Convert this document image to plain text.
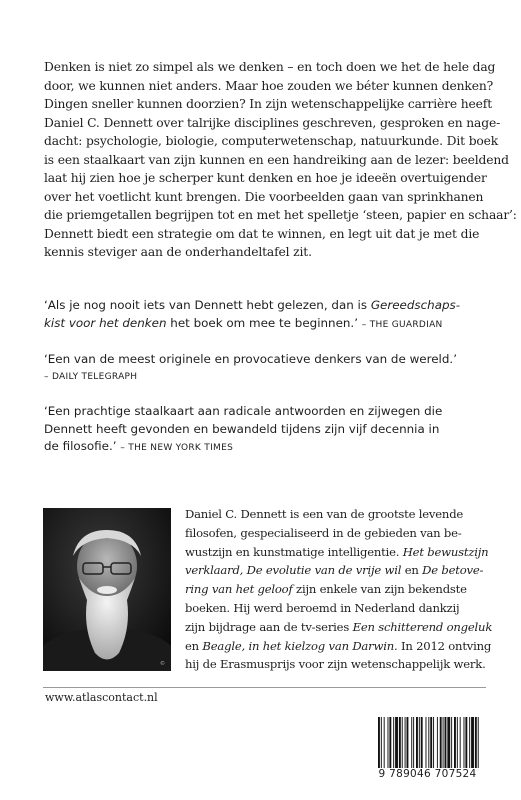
Denken is niet zo simpel als we denken – en toch doen we het de hele dag
door, we kunnen niet anders. Maar hoe zouden we béter kunnen denken?
Dingen sneller kunnen doorzien? In zijn wetenschappelijke carrière heeft
Daniel C. Dennett over talrijke disciplines geschreven, gesproken en nage-
dacht: psychologie, biologie, computerwetenschap, natuurkunde. Dit boek
is een staalkaart van zijn kunnen en een handreiking aan de lezer: beeldend
laat hij zien hoe je scherper kunt denken en hoe je ideeën overtuigender
over het voetlicht kunt brengen. Die voorbeelden gaan van sprinkhanen
die priemgetallen begrijpen tot en met het spelletje ‘steen, papier en schaar’:
Dennett biedt een strategie om dat te winnen, en legt uit dat je met die
kennis steviger aan de onderhandeltafel zit.
‘Als je nog nooit iets van Dennett hebt gelezen, dan is Gereedschaps-
kist voor het denken het boek om mee te beginnen.’ – THE GUARDIAN
‘Een van de meest originele en provocatieve denkers van de wereld.’
– DAILY TELEGRAPH
‘Een prachtige staalkaart aan radicale antwoorden en zijwegen die
Dennett heeft gevonden en bewandeld tijdens zijn vijf decennia in
de filosofie.’ – THE NEW YORK TIMES
©
Daniel C. Dennett is een van de grootste levende
filosofen, gespecialiseerd in de gebieden van be-
wustzijn en kunstmatige intelligentie. Het bewustzijn
verklaard, De evolutie van de vrije wil en De betove-
ring van het geloof zijn enkele van zijn bekendste
boeken. Hij werd beroemd in Nederland dankzij
zijn bijdrage aan de tv-series Een schitterend ongeluk
en Beagle, in het kielzog van Darwin. In 2012 ontving
hij de Erasmusprijs voor zijn wetenschappelijk werk.
www.atlascontact.nl
9 789046 707524
